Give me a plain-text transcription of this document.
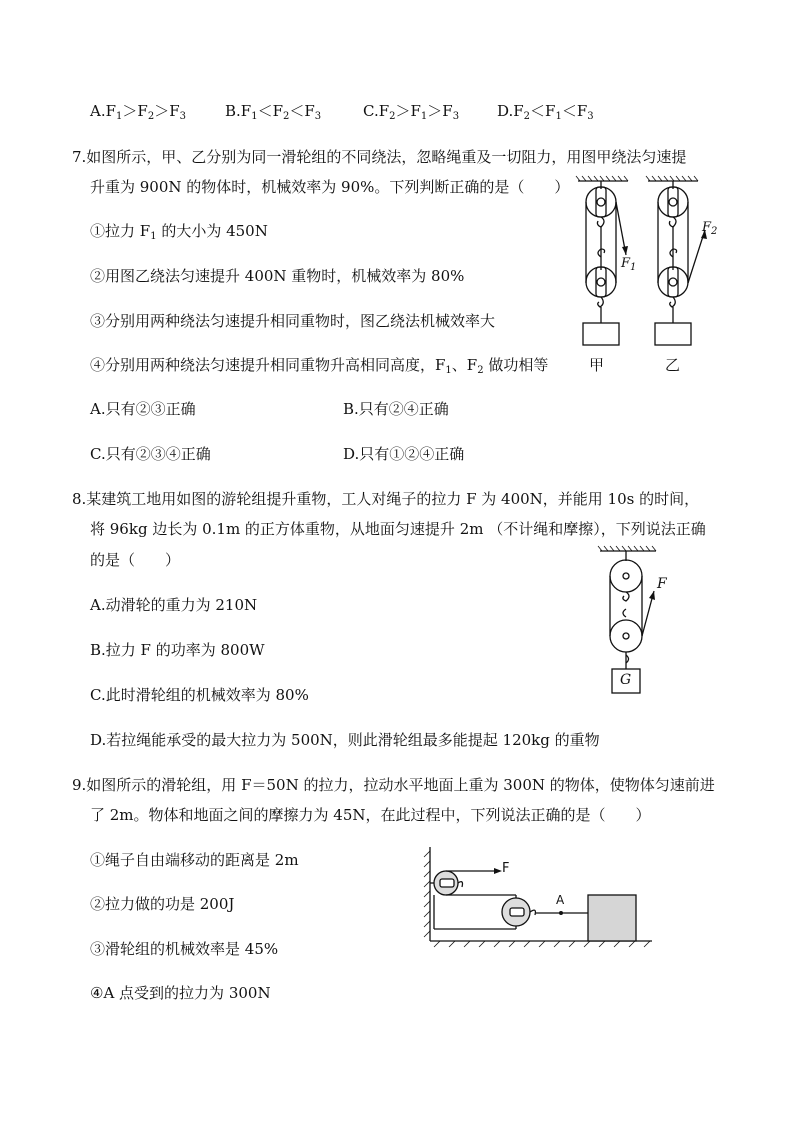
$A.F_1>F_2>F_3$	$B.F_1<F_2<F_3$	$C.F_2>F_1>F_3$	$D.F_2<F_1<F_3$
7.如图所示，甲、乙分别为同一滑轮组的不同绕法，忽略绳重及一切阻力，用图甲绕法匀速提
升重为 900N 的物体时，机械效率为 90%。下列判断正确的是（　　）
①拉力 $F_1$ 的大小为 450N
②用图乙绕法匀速提升 400N 重物时，机械效率为 80%
③分别用两种绕法匀速提升相同重物时，图乙绕法机械效率大
④分别用两种绕法匀速提升相同重物升高相同高度，$F_1$、$F_2$ 做功相等
A.只有②③正确	B.只有②④正确
C.只有②③④正确	D.只有①②④正确
$F_1$
$F_2$
甲	乙
8.某建筑工地用如图的游轮组提升重物，工人对绳子的拉力 F 为 400N，并能用 10s 的时间，
将 96kg 边长为 0.1m 的正方体重物，从地面匀速提升 2m （不计绳和摩擦），下列说法正确
的是（　　）
A.动滑轮的重力为 210N
B.拉力 F 的功率为 800W
C.此时滑轮组的机械效率为 80%
D.若拉绳能承受的最大拉力为 500N，则此滑轮组最多能提起 120kg 的重物
F
G
9.如图所示的滑轮组，用 F＝50N 的拉力，拉动水平地面上重为 300N 的物体，使物体匀速前进
了 2m。物体和地面之间的摩擦力为 45N，在此过程中，下列说法正确的是（　　）
①绳子自由端移动的距离是 2m
②拉力做的功是 200J
③滑轮组的机械效率是 45%
④A 点受到的拉力为 300N
F
A
